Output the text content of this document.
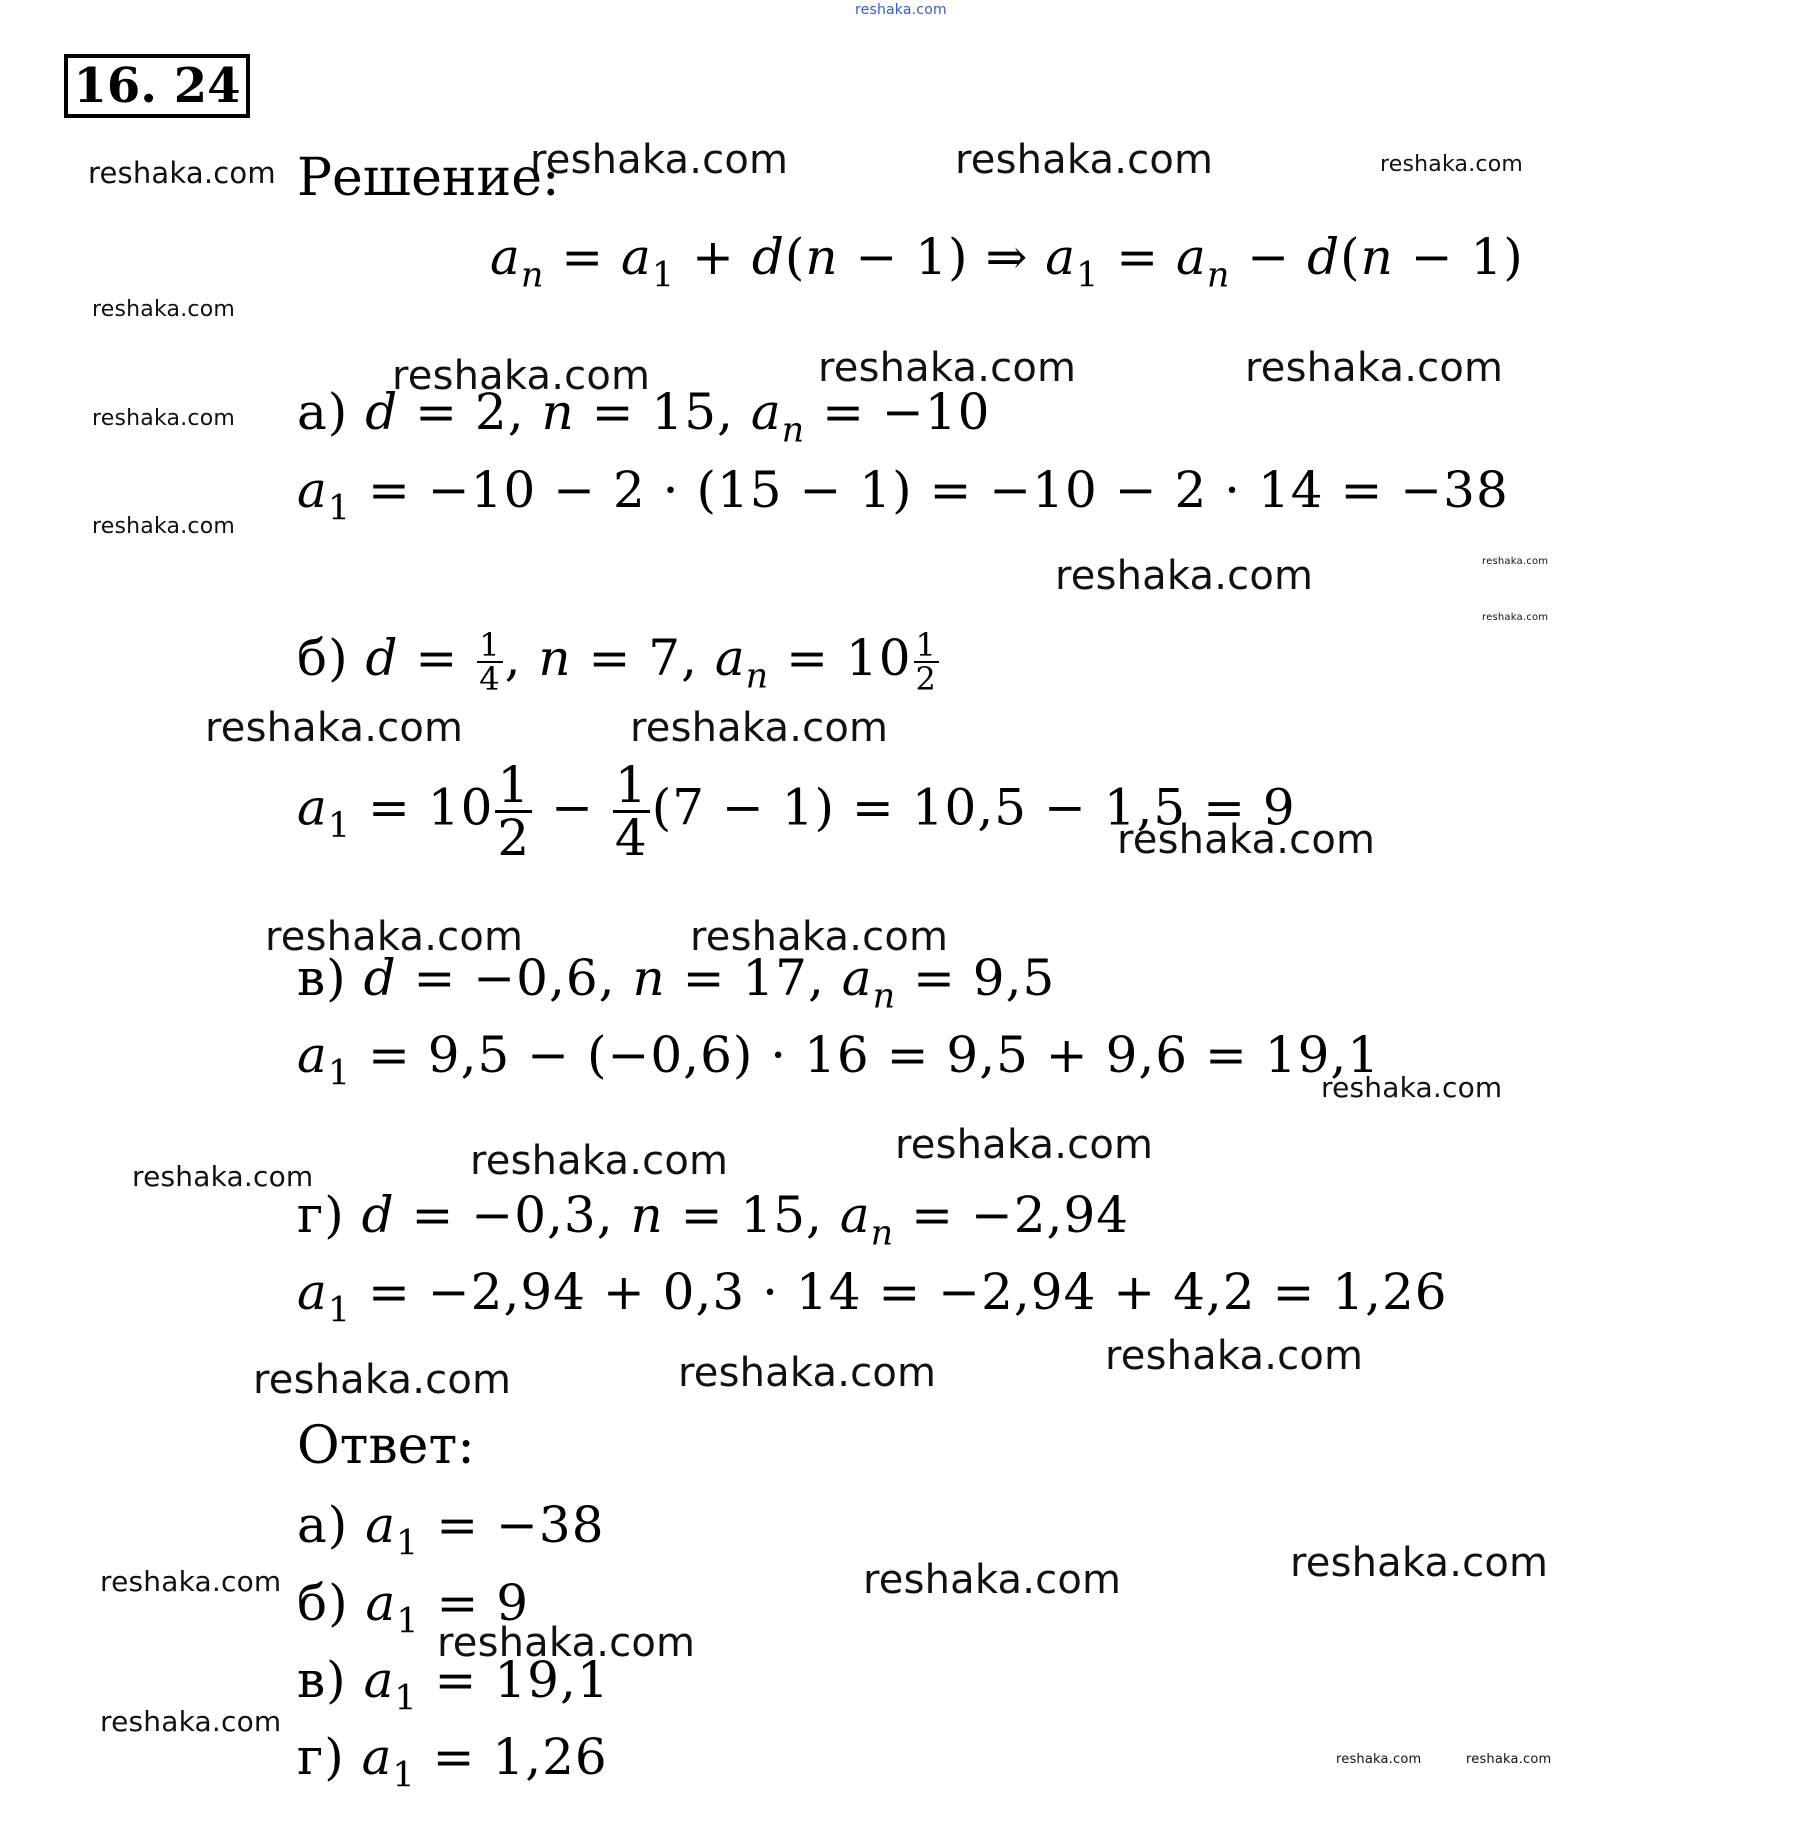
16. 24
Решение:
$a_n = a_1 + d(n - 1)$ ⇒ $a_1 = a_n - d(n - 1)$
а) d = 2, n = 15, $a_n = -10$
$a_1 = -10 - 2 \cdot (15 - 1) = -10 - 2 \cdot 14 = -38$
б) $d = \frac{1}{4}$ , n = 7, $a_n = 10 \frac{1}{2}$
$a_1 = 10 \frac{1}{2} - \frac{1}{4} (7 - 1) = 10,5 - 1,5 = 9$
в) d = −0,6, n = 17, $a_n = 9,5$
$a_1 = 9,5 - (-0,6) \cdot 16 = 9,5 + 9,6 = 19,1$
г) d = −0,3, n = 15, $a_n = -2,94$
$a_1 = -2,94 + 0,3 \cdot 14 = -2,94 + 4,2 = 1,26$
Ответ:
а) $a_1 = -38$
б) $a_1 = 9$
в) $a_1 = 19,1$
г) $a_1 = 1,26$
reshaka.com
reshaka.com	reshaka.com	reshaka.com	reshaka.com
reshaka.com
reshaka.com	reshaka.com	reshaka.com
reshaka.com
reshaka.com
reshaka.com	reshaka.com
reshaka.com
reshaka.com	reshaka.com
reshaka.com
reshaka.com	reshaka.com
reshaka.com
reshaka.com	reshaka.com	reshaka.com
reshaka.com	reshaka.com	reshaka.com
reshaka.com	reshaka.com	reshaka.com
reshaka.com
reshaka.com
reshaka.com	reshaka.com
